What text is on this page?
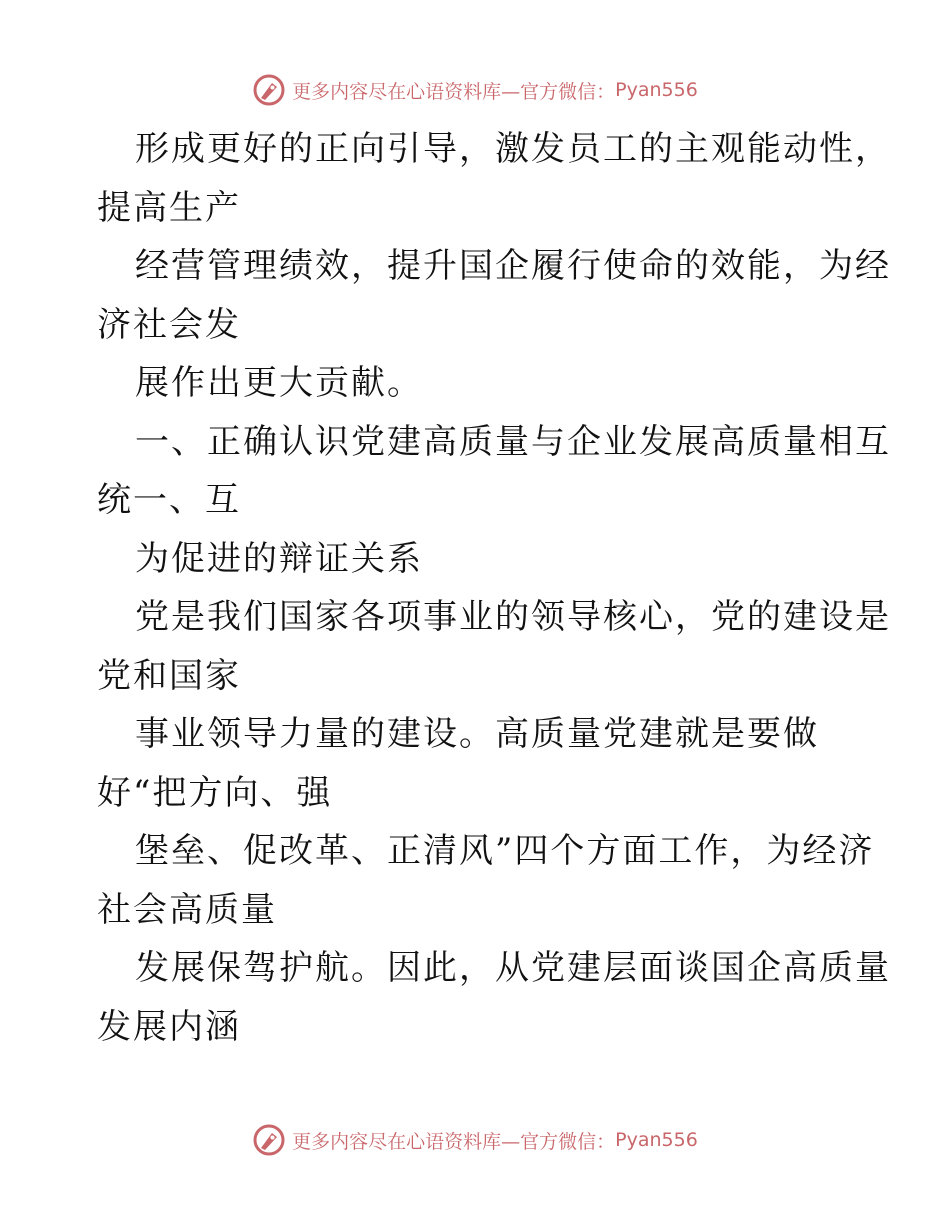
更多内容尽在心语资料库—官方微信： Pyan556
形成更好的正向引导，激发员工的主观能动性，
提高生产
经营管理绩效，提升国企履行使命的效能，为经
济社会发
展作出更大贡献。
一、正确认识党建高质量与企业发展高质量相互
统一、互
为促进的辩证关系
党是我们国家各项事业的领导核心，党的建设是
党和国家
事业领导力量的建设。高质量党建就是要做
好“把方向、强
堡垒、促改革、正清风”四个方面工作，为经济
社会高质量
发展保驾护航。因此，从党建层面谈国企高质量
发展内涵
更多内容尽在心语资料库—官方微信： Pyan556
